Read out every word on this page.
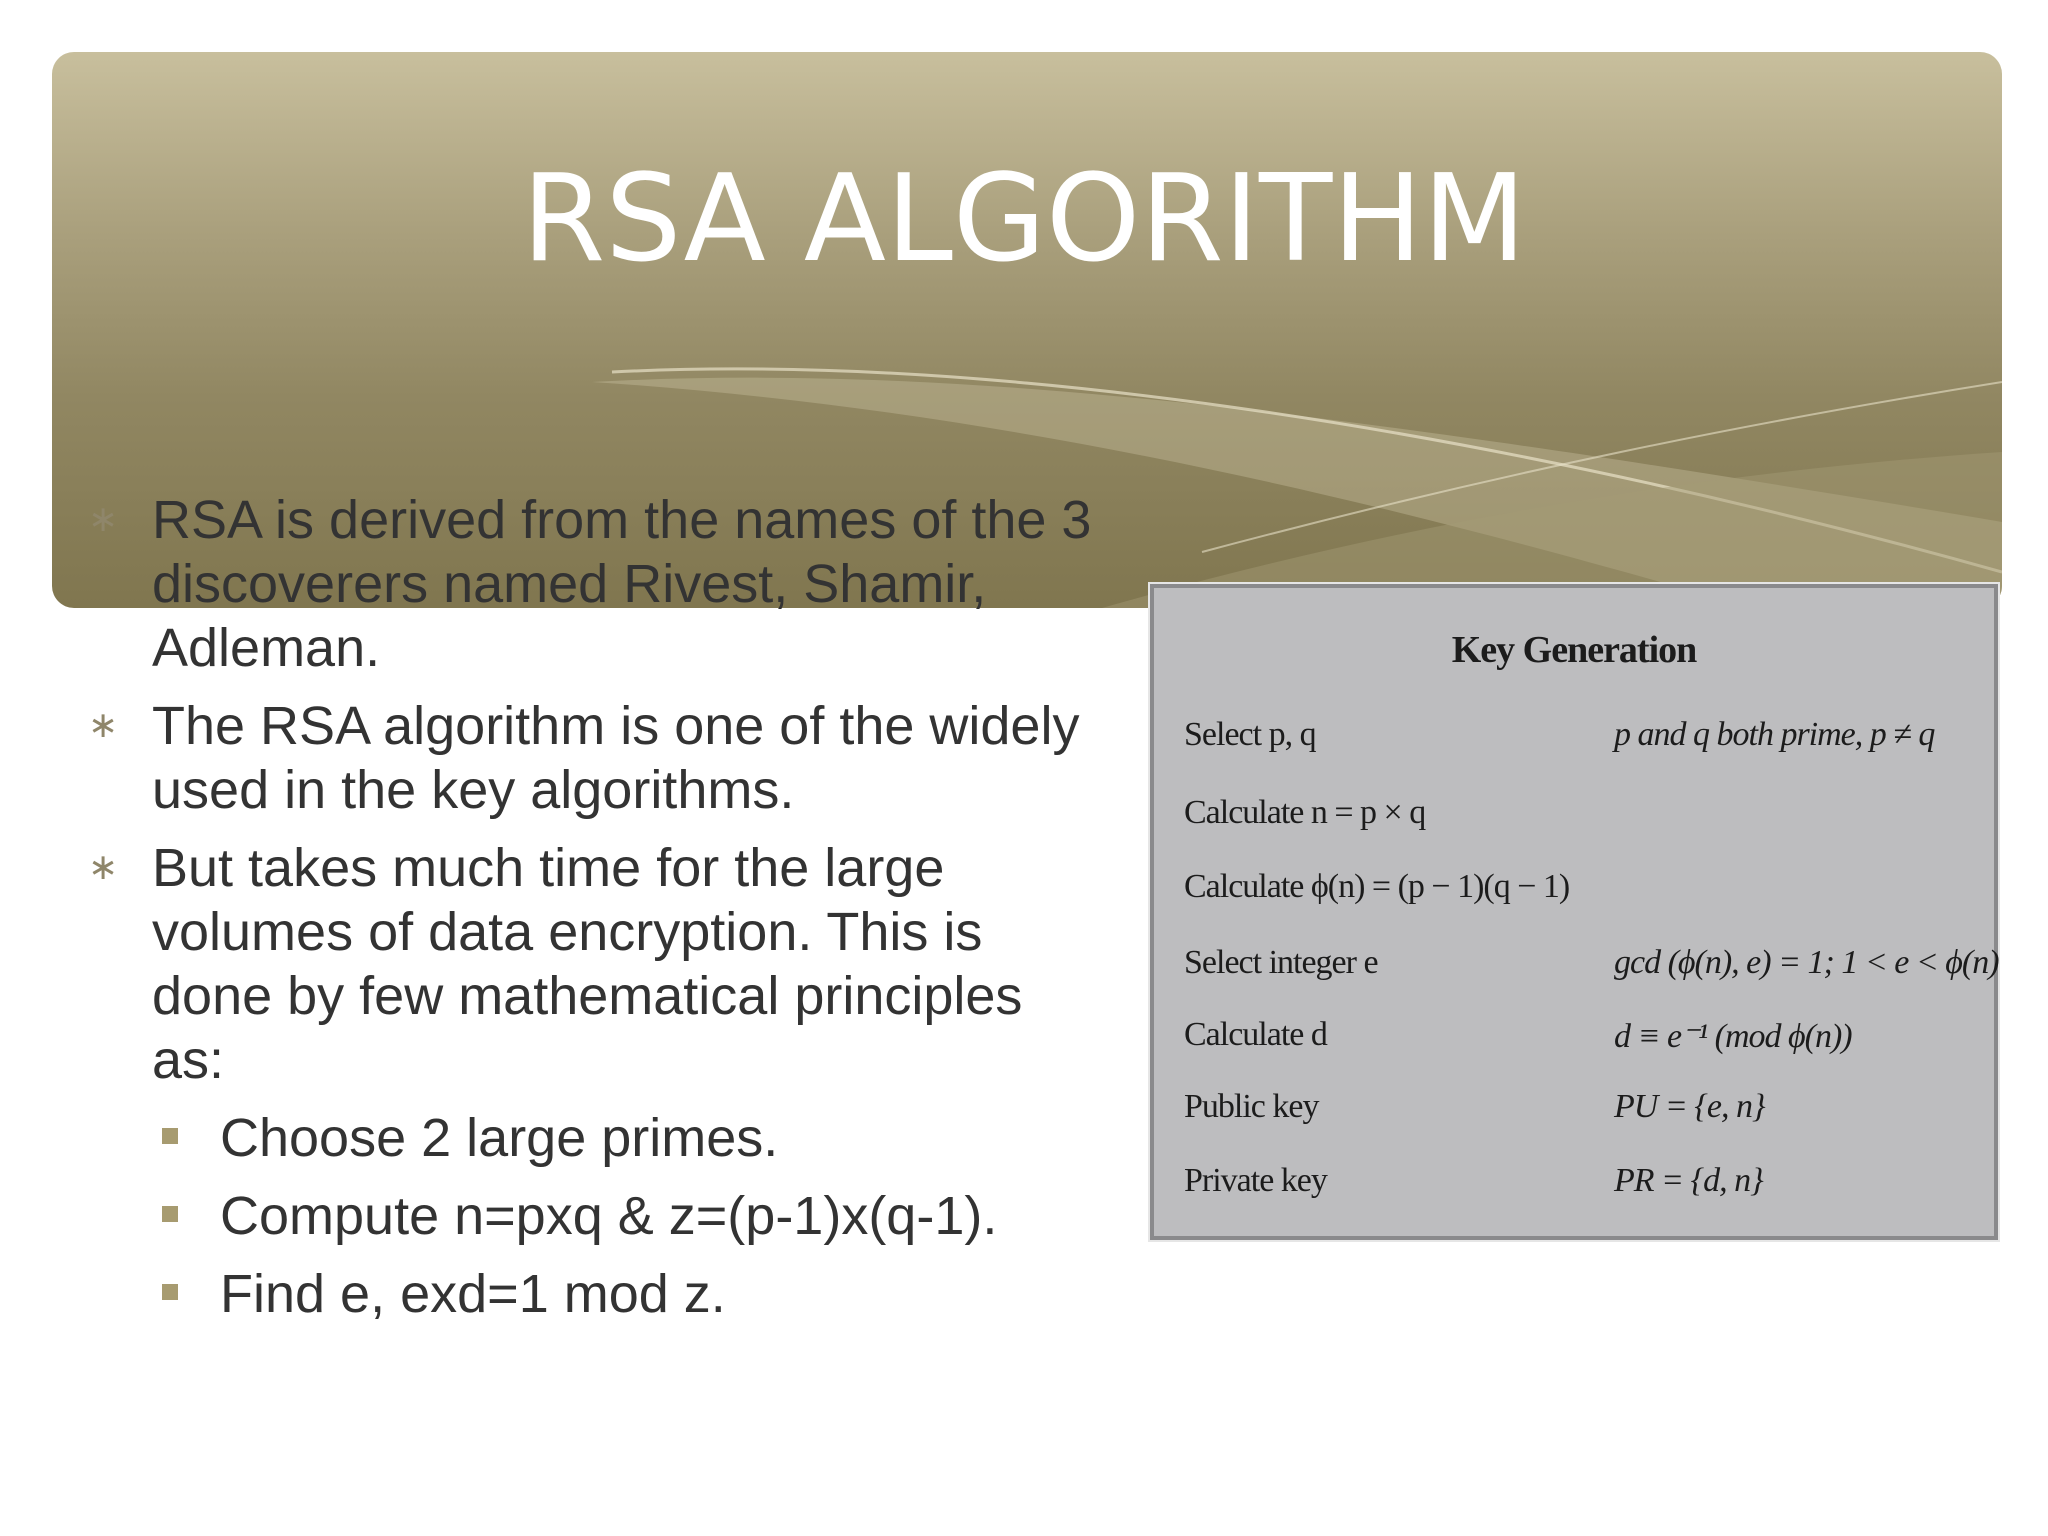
RSA ALGORITHM
∗ RSA is derived from the names of the 3 discoverers named Rivest, Shamir, Adleman.
∗ The RSA algorithm is one of the widely used in the key algorithms.
∗ But takes much time for the large volumes of data encryption. This is done by few mathematical principles as:
Choose 2 large primes.
Compute n=pxq & z=(p-1)x(q-1).
Find e, exd=1 mod z.
Key Generation
Select p, q	p and q both prime, p ≠ q
Calculate n = p × q
Calculate ϕ(n) = (p − 1)(q − 1)
Select integer e	gcd (ϕ(n), e) = 1; 1 < e < ϕ(n)
Calculate d	d ≡ e⁻¹ (mod ϕ(n))
Public key	PU = {e, n}
Private key	PR = {d, n}
